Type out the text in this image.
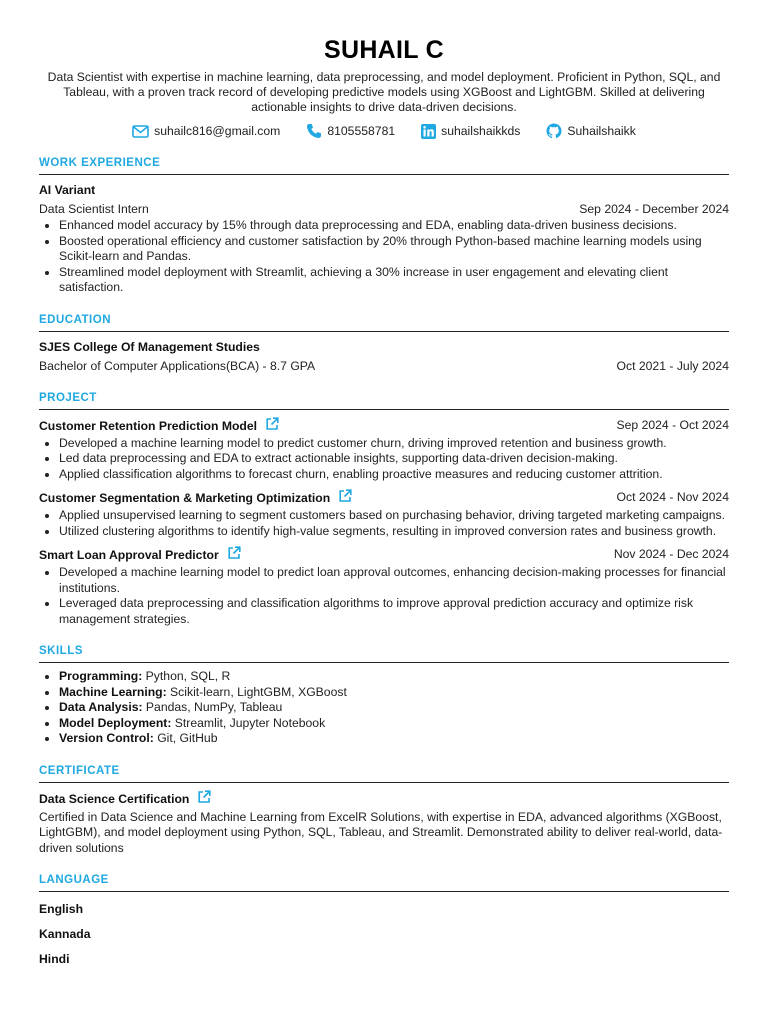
SUHAIL C
Data Scientist with expertise in machine learning, data preprocessing, and model deployment. Proficient in Python, SQL, and Tableau, with a proven track record of developing predictive models using XGBoost and LightGBM. Skilled at delivering actionable insights to drive data-driven decisions.
suhailc816@gmail.com	8105558781	suhailshaikkds	Suhailshaikk
WORK EXPERIENCE
AI Variant
Data Scientist Intern	Sep 2024 - December 2024
• Enhanced model accuracy by 15% through data preprocessing and EDA, enabling data-driven business decisions.
• Boosted operational efficiency and customer satisfaction by 20% through Python-based machine learning models using Scikit-learn and Pandas.
• Streamlined model deployment with Streamlit, achieving a 30% increase in user engagement and elevating client satisfaction.
EDUCATION
SJES College Of Management Studies
Bachelor of Computer Applications(BCA) - 8.7 GPA	Oct 2021 - July 2024
PROJECT
Customer Retention Prediction Model	Sep 2024 - Oct 2024
• Developed a machine learning model to predict customer churn, driving improved retention and business growth.
• Led data preprocessing and EDA to extract actionable insights, supporting data-driven decision-making.
• Applied classification algorithms to forecast churn, enabling proactive measures and reducing customer attrition.
Customer Segmentation & Marketing Optimization	Oct 2024 - Nov 2024
• Applied unsupervised learning to segment customers based on purchasing behavior, driving targeted marketing campaigns.
• Utilized clustering algorithms to identify high-value segments, resulting in improved conversion rates and business growth.
Smart Loan Approval Predictor	Nov 2024 - Dec 2024
• Developed a machine learning model to predict loan approval outcomes, enhancing decision-making processes for financial institutions.
• Leveraged data preprocessing and classification algorithms to improve approval prediction accuracy and optimize risk management strategies.
SKILLS
• Programming: Python, SQL, R
• Machine Learning: Scikit-learn, LightGBM, XGBoost
• Data Analysis: Pandas, NumPy, Tableau
• Model Deployment: Streamlit, Jupyter Notebook
• Version Control: Git, GitHub
CERTIFICATE
Data Science Certification
Certified in Data Science and Machine Learning from ExcelR Solutions, with expertise in EDA, advanced algorithms (XGBoost, LightGBM), and model deployment using Python, SQL, Tableau, and Streamlit. Demonstrated ability to deliver real-world, data-driven solutions
LANGUAGE
English
Kannada
Hindi
